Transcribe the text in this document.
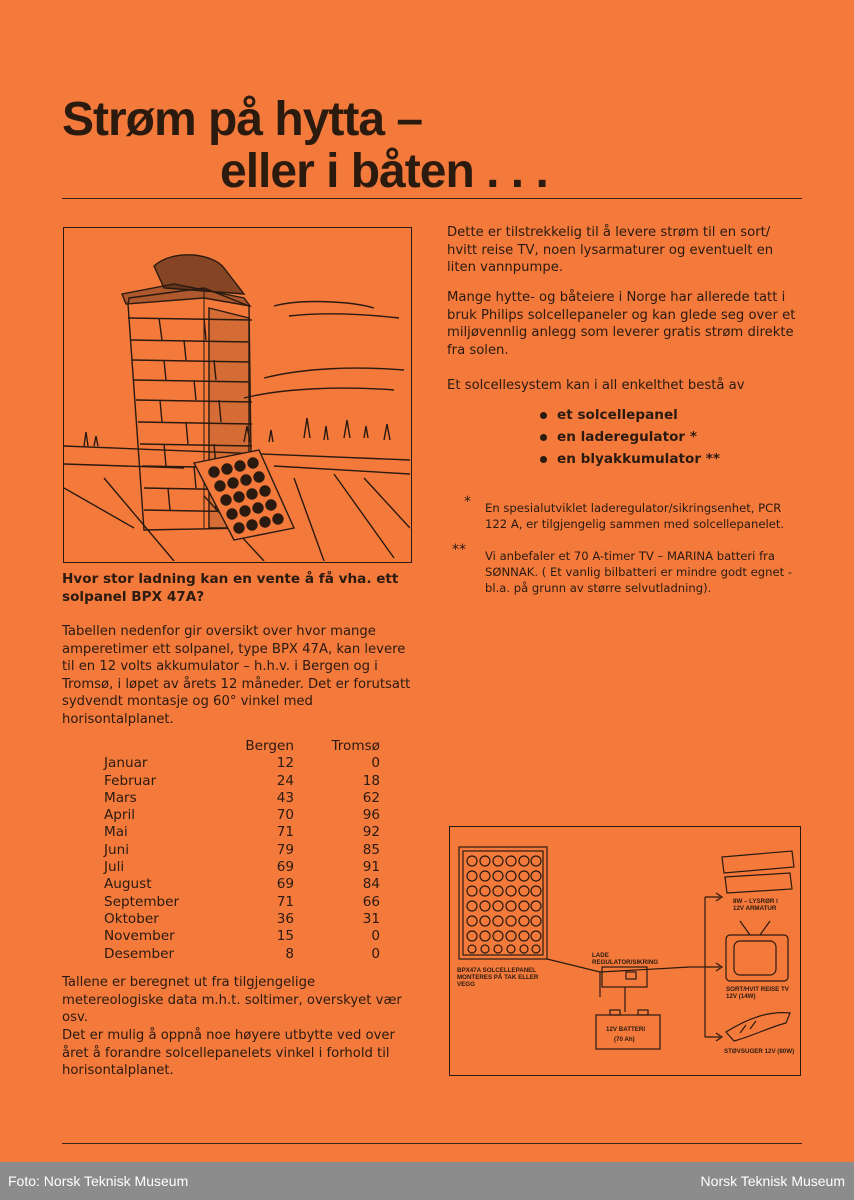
Strøm på hytta –
eller i båten . . .
Dette er tilstrekkelig til å levere strøm til en sort/ hvitt reise TV, noen lysarmaturer og eventuelt en liten vannpumpe.
Mange hytte- og båteiere i Norge har allerede tatt i bruk Philips solcellepaneler og kan glede seg over et miljøvennlig anlegg som leverer gratis strøm direkte fra solen.
Et solcellesystem kan i all enkelthet bestå av
et solcellepanel
en laderegulator *
en blyakkumulator **
* En spesialutviklet laderegulator/sikringsenhet, PCR 122 A, er tilgjengelig sammen med solcellepanelet.
** Vi anbefaler et 70 A-timer TV – MARINA batteri fra SØNNAK. ( Et vanlig bilbatteri er mindre godt egnet - bl.a. på grunn av større selvutladning).
Hvor stor ladning kan en vente å få vha. ett solpanel BPX 47A?
Tabellen nedenfor gir oversikt over hvor mange amperetimer ett solpanel, type BPX 47A, kan levere til en 12 volts akkumulator – h.h.v. i Bergen og i Tromsø, i løpet av årets 12 måneder. Det er forutsatt sydvendt montasje og 60° vinkel med horisontalplanet.
	Bergen	Tromsø
Januar	12	0
Februar	24	18
Mars	43	62
April	70	96
Mai	71	92
Juni	79	85
Juli	69	91
August	69	84
September	71	66
Oktober	36	31
November	15	0
Desember	8	0
Tallene er beregnet ut fra tilgjengelige metereologiske data m.h.t. soltimer, overskyet vær osv.
Det er mulig å oppnå noe høyere utbytte ved over året å forandre solcellepanelets vinkel i forhold til horisontalplanet.
BPX47A SOLCELLEPANEL
MONTERES PÅ TAK ELLER
VEGG
LADE
REGULATOR/SIKRING
12V BATTERI
(70 Ah)
8W – LYSRØR I
12V ARMATUR
SORT/HVIT REISE TV
12V (14W)
STØVSUGER 12V (80W)
Foto: Norsk Teknisk Museum	Norsk Teknisk Museum
